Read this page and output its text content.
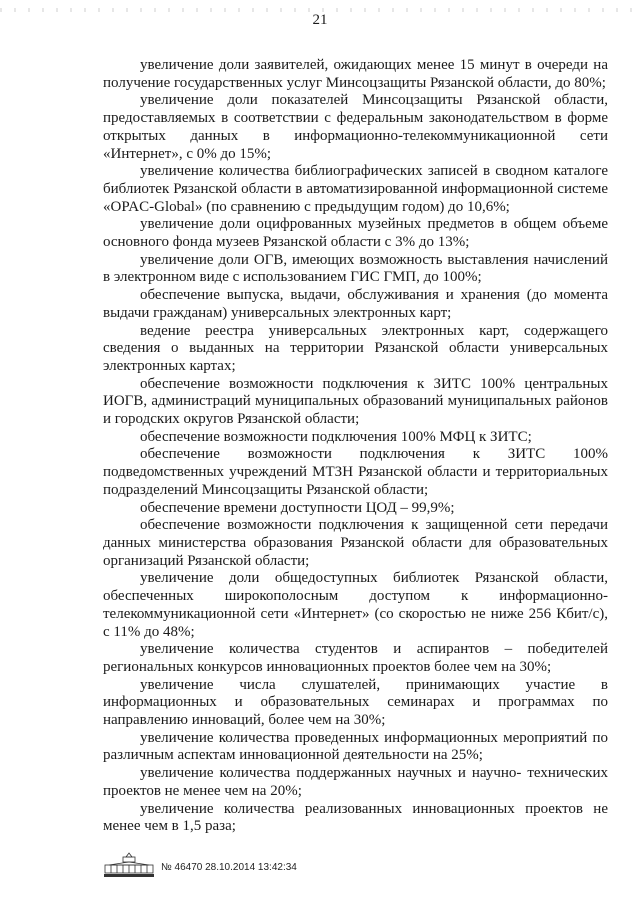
21

увеличение доли заявителей, ожидающих менее 15 минут в очереди на получение государственных услуг Минсоцзащиты Рязанской области, до 80%;

увеличение доли показателей Минсоцзащиты Рязанской области, предоставляемых в соответствии с федеральным законодательством в форме открытых данных в информационно-телекоммуникационной сети «Интернет», с 0% до 15%;

увеличение количества библиографических записей в сводном каталоге библиотек Рязанской области в автоматизированной информационной системе «OPAC-Global» (по сравнению с предыдущим годом) до 10,6%;

увеличение доли оцифрованных музейных предметов в общем объеме основного фонда музеев Рязанской области с 3% до 13%;

увеличение доли ОГВ, имеющих возможность выставления начислений в электронном виде с использованием ГИС ГМП, до 100%;

обеспечение выпуска, выдачи, обслуживания и хранения (до момента выдачи гражданам) универсальных электронных карт;

ведение реестра универсальных электронных карт, содержащего сведения о выданных на территории Рязанской области универсальных электронных картах;

обеспечение возможности подключения к ЗИТС 100% центральных ИОГВ, администраций муниципальных образований муниципальных районов и городских округов Рязанской области;

обеспечение возможности подключения 100% МФЦ к ЗИТС;

обеспечение возможности подключения к ЗИТС 100% подведомственных учреждений МТЗН Рязанской области и территориальных подразделений Минсоцзащиты Рязанской области;

обеспечение времени доступности ЦОД – 99,9%;

обеспечение возможности подключения к защищенной сети передачи данных министерства образования Рязанской области для образовательных организаций Рязанской области;

увеличение доли общедоступных библиотек Рязанской области, обеспеченных широкополосным доступом к информационно-телекоммуникационной сети «Интернет» (со скоростью не ниже 256 Кбит/с), с 11% до 48%;

увеличение количества студентов и аспирантов – победителей региональных конкурсов инновационных проектов более чем на 30%;

увеличение числа слушателей, принимающих участие в информационных и образовательных семинарах и программах по направлению инноваций, более чем на 30%;

увеличение количества проведенных информационных мероприятий по различным аспектам инновационной деятельности на 25%;

увеличение количества поддержанных научных и научно- технических проектов не менее чем на 20%;

увеличение количества реализованных инновационных проектов не менее чем в 1,5 раза;

№ 46470 28.10.2014 13:42:34
